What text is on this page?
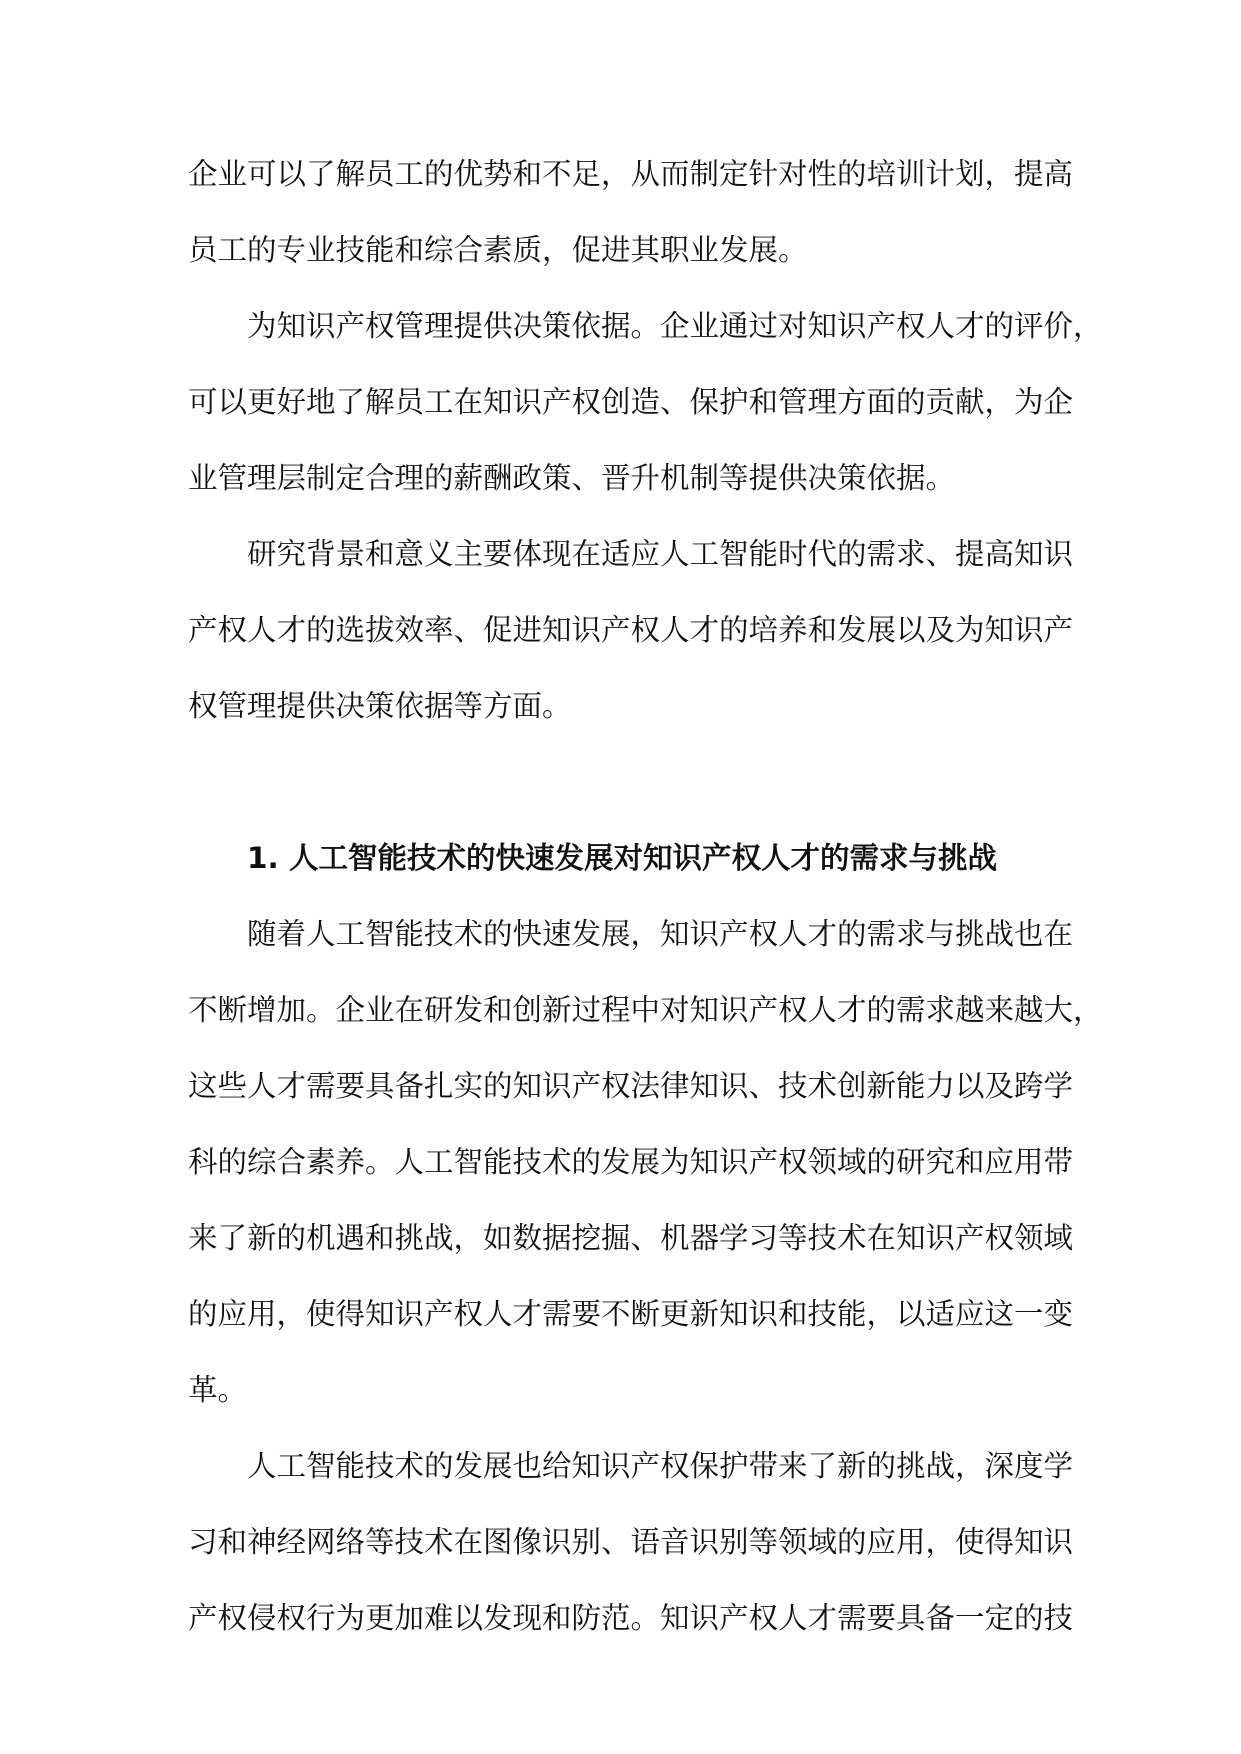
企业可以了解员工的优势和不足，从而制定针对性的培训计划，提高
员工的专业技能和综合素质，促进其职业发展。
为知识产权管理提供决策依据。企业通过对知识产权人才的评价，
可以更好地了解员工在知识产权创造、保护和管理方面的贡献，为企
业管理层制定合理的薪酬政策、晋升机制等提供决策依据。
研究背景和意义主要体现在适应人工智能时代的需求、提高知识
产权人才的选拔效率、促进知识产权人才的培养和发展以及为知识产
权管理提供决策依据等方面。
1. 人工智能技术的快速发展对知识产权人才的需求与挑战
随着人工智能技术的快速发展，知识产权人才的需求与挑战也在
不断增加。企业在研发和创新过程中对知识产权人才的需求越来越大，
这些人才需要具备扎实的知识产权法律知识、技术创新能力以及跨学
科的综合素养。人工智能技术的发展为知识产权领域的研究和应用带
来了新的机遇和挑战，如数据挖掘、机器学习等技术在知识产权领域
的应用，使得知识产权人才需要不断更新知识和技能，以适应这一变
革。
人工智能技术的发展也给知识产权保护带来了新的挑战，深度学
习和神经网络等技术在图像识别、语音识别等领域的应用，使得知识
产权侵权行为更加难以发现和防范。知识产权人才需要具备一定的技
